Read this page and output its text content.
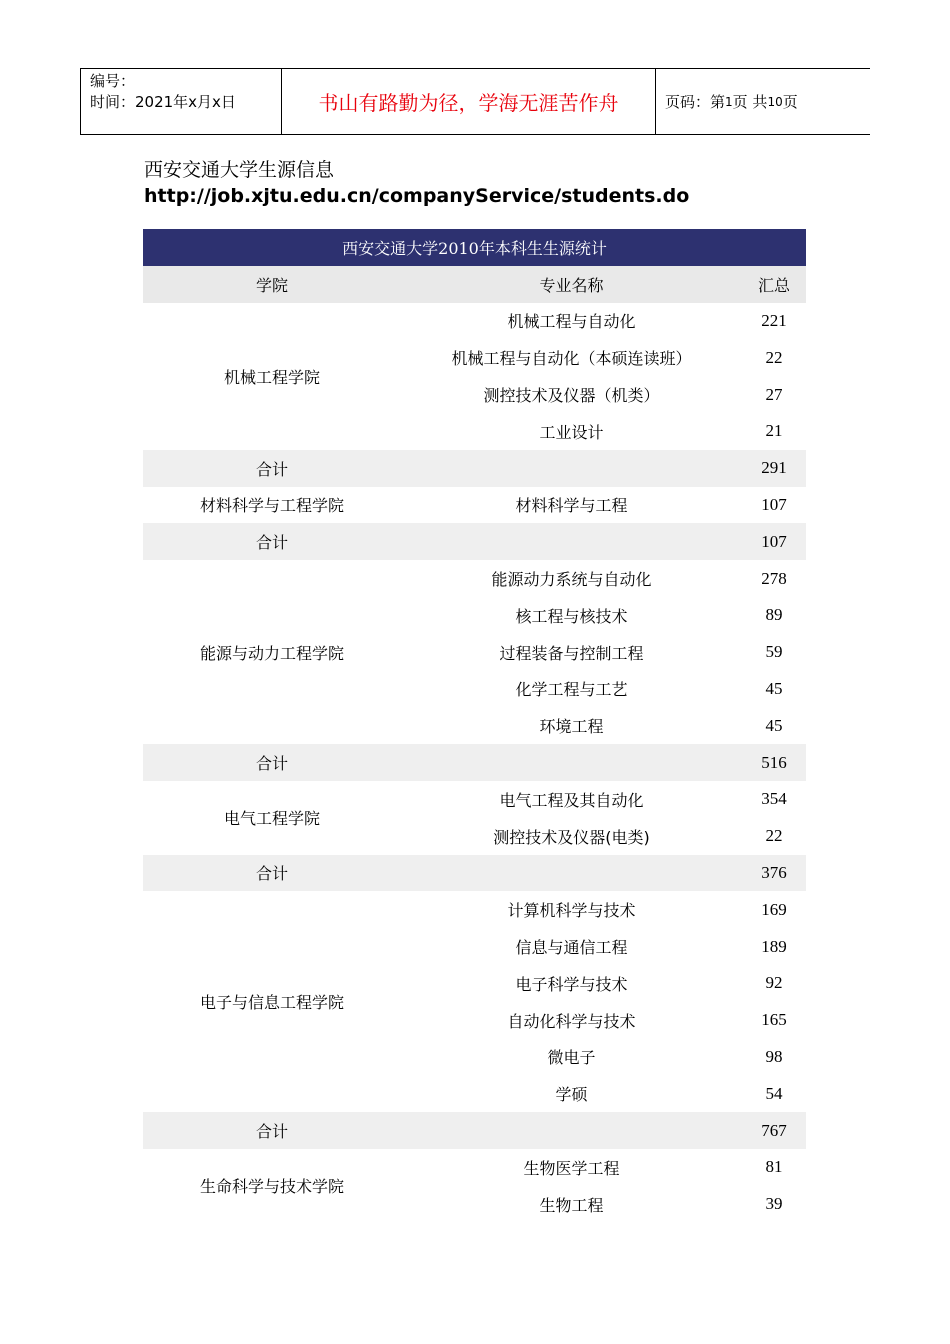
编号：
时间：2021年x月x日	书山有路勤为径，学海无涯苦作舟	页码：第 1 页 共 10 页
西安交通大学生源信息http://job.xjtu.edu.cn/companyService/students.do
西安交通大学2010年本科生生源统计		
学院	专业名称	汇总
机械工程学院	机械工程与自动化	221
	机械工程与自动化（本硕连读班）	22
	测控技术及仪器（机类）	27
	工业设计	21
合计		291
材料科学与工程学院	材料科学与工程	107
合计		107
能源与动力工程学院	能源动力系统与自动化	278
	核工程与核技术	89
	过程装备与控制工程	59
	化学工程与工艺	45
	环境工程	45
合计		516
电气工程学院	电气工程及其自动化	354
	测控技术及仪器(电类)	22
合计		376
电子与信息工程学院	计算机科学与技术	169
	信息与通信工程	189
	电子科学与技术	92
	自动化科学与技术	165
	微电子	98
	学硕	54
合计		767
生命科学与技术学院	生物医学工程	81
	生物工程	39
